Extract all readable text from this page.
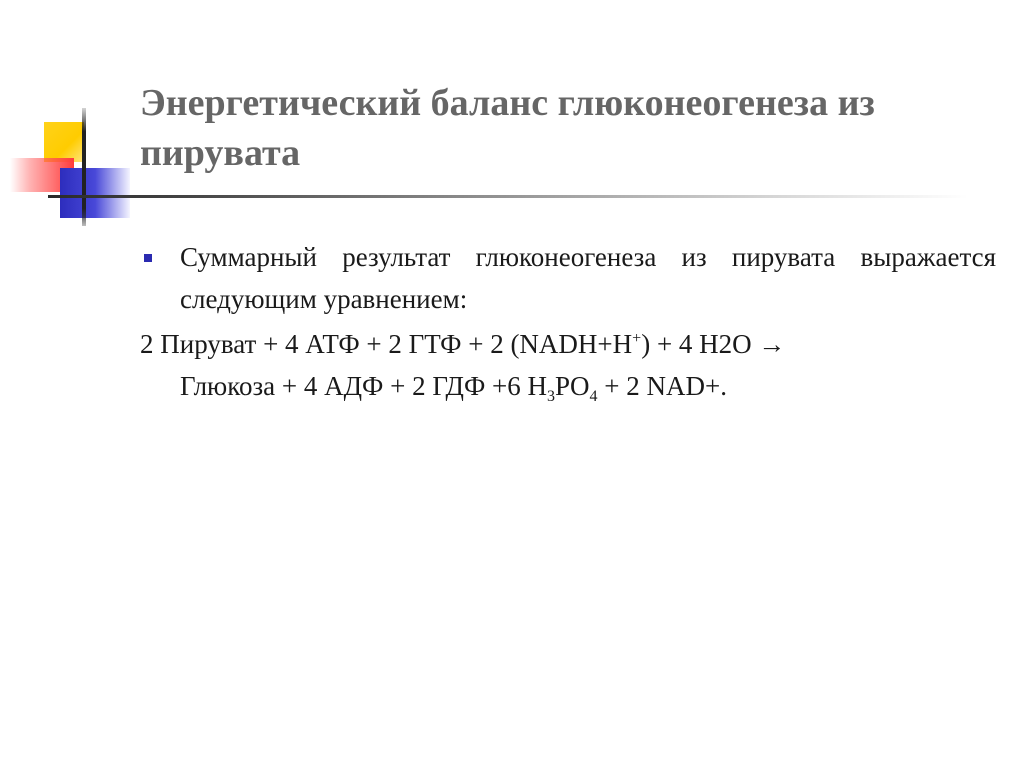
Энергетический баланс глюконеогенеза из пирувата
Суммарный результат глюконеогенеза из пирувата выражается следующим уравнением:
2 Пируват + 4 АТФ + 2 ГТФ + 2 (NADH+H+) + 4 H2O →
Глюкоза + 4 АДФ + 2 ГДФ +6 $H_3PO_4 + 2$ NAD+.
